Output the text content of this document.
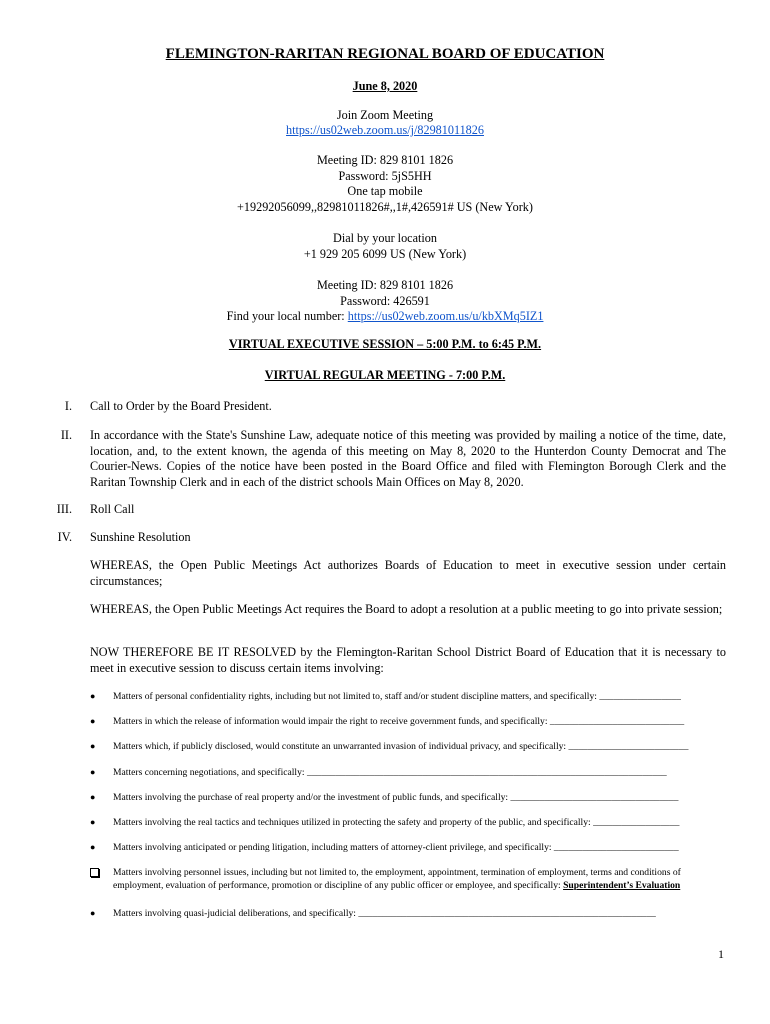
FLEMINGTON-RARITAN REGIONAL BOARD OF EDUCATION
June 8, 2020
Join Zoom Meeting
https://us02web.zoom.us/j/82981011826
Meeting ID: 829 8101 1826
Password: 5jS5HH
One tap mobile
+19292056099,,82981011826#,,1#,426591# US (New York)
Dial by your location
+1 929 205 6099 US (New York)
Meeting ID: 829 8101 1826
Password: 426591
Find your local number: https://us02web.zoom.us/u/kbXMq5IZ1
VIRTUAL EXECUTIVE SESSION – 5:00 P.M. to 6:45 P.M.
VIRTUAL REGULAR MEETING - 7:00 P.M.
I. Call to Order by the Board President.
II. In accordance with the State's Sunshine Law, adequate notice of this meeting was provided by mailing a notice of the time, date, location, and, to the extent known, the agenda of this meeting on May 8, 2020 to the Hunterdon County Democrat and The Courier-News. Copies of the notice have been posted in the Board Office and filed with Flemington Borough Clerk and the Raritan Township Clerk and in each of the district schools Main Offices on May 8, 2020.
III. Roll Call
IV. Sunshine Resolution
WHEREAS, the Open Public Meetings Act authorizes Boards of Education to meet in executive session under certain circumstances;
WHEREAS, the Open Public Meetings Act requires the Board to adopt a resolution at a public meeting to go into private session;
NOW THEREFORE BE IT RESOLVED by the Flemington-Raritan School District Board of Education that it is necessary to meet in executive session to discuss certain items involving:
●	Matters of personal confidentiality rights, including but not limited to, staff and/or student discipline matters, and specifically: _________________
●	Matters in which the release of information would impair the right to receive government funds, and specifically: ____________________________
●	Matters which, if publicly disclosed, would constitute an unwarranted invasion of individual privacy, and specifically: _________________________
●	Matters concerning negotiations, and specifically: ___________________________________________________________________________
●	Matters involving the purchase of real property and/or the investment of public funds, and specifically: ___________________________________
●	Matters involving the real tactics and techniques utilized in protecting the safety and property of the public, and specifically: __________________
●	Matters involving anticipated or pending litigation, including matters of attorney-client privilege, and specifically: __________________________
Matters involving personnel issues, including but not limited to, the employment, appointment, termination of employment, terms and conditions of employment, evaluation of performance, promotion or discipline of any public officer or employee, and specifically: Superintendent’s Evaluation
●	Matters involving quasi-judicial deliberations, and specifically: ______________________________________________________________
1
